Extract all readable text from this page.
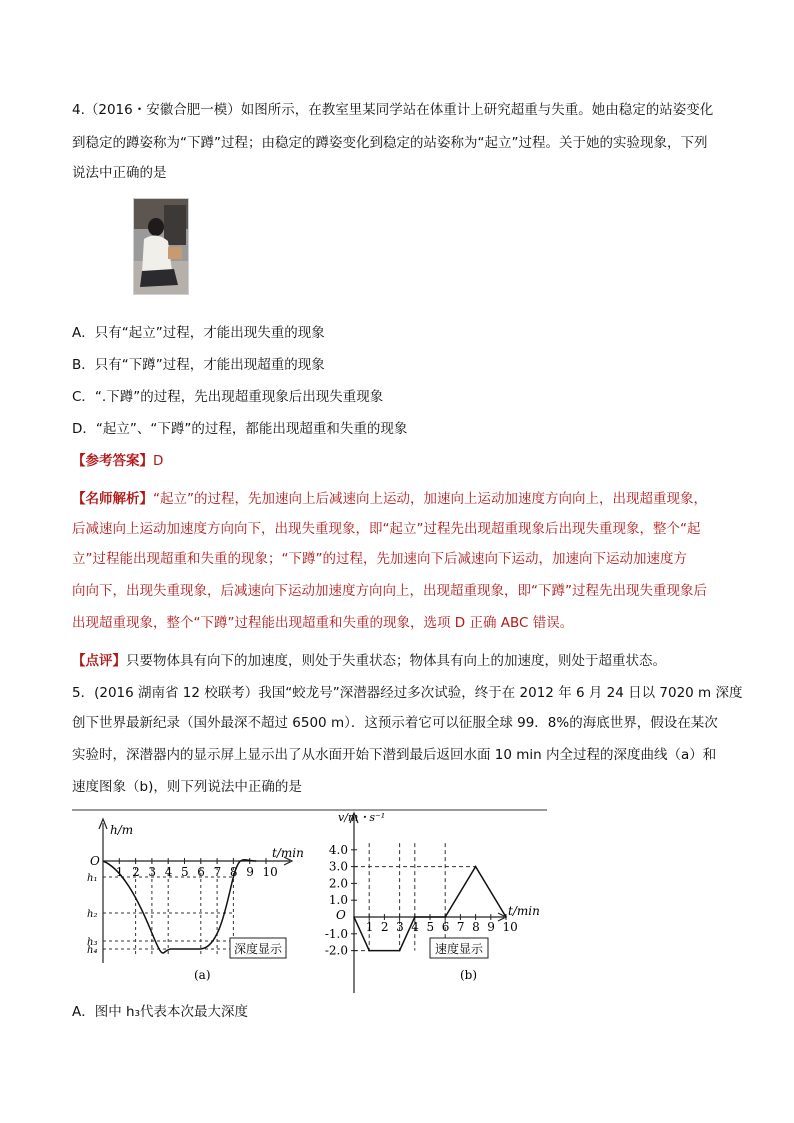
4.（2016・安徽合肥一模）如图所示，在教室里某同学站在体重计上研究超重与失重。她由稳定的站姿变化
到稳定的蹲姿称为“下蹲”过程；由稳定的蹲姿变化到稳定的站姿称为“起立”过程。关于她的实验现象，下列
说法中正确的是
A．只有“起立”过程，才能出现失重的现象
B．只有“下蹲”过程，才能出现超重的现象
C．“.下蹲”的过程，先出现超重现象后出现失重现象
D．“起立”、“下蹲”的过程，都能出现超重和失重的现象
【参考答案】D
【名师解析】“起立”的过程，先加速向上后减速向上运动，加速向上运动加速度方向向上，出现超重现象，
后减速向上运动加速度方向向下，出现失重现象，即“起立”过程先出现超重现象后出现失重现象，整个“起
立”过程能出现超重和失重的现象；“下蹲”的过程，先加速向下后减速向下运动，加速向下运动加速度方
向向下，出现失重现象，后减速向下运动加速度方向向上，出现超重现象，即“下蹲”过程先出现失重现象后
出现超重现象，整个“下蹲”过程能出现超重和失重的现象，选项 D 正确 ABC 错误。
【点评】只要物体具有向下的加速度，则处于失重状态；物体具有向上的加速度，则处于超重状态。
5．(2016 湖南省 12 校联考）我国“蛟龙号”深潜器经过多次试验，终于在 2012 年 6 月 24 日以 7020 m 深度
创下世界最新纪录（国外最深不超过 6500 m）．这预示着它可以征服全球 99．8%的海底世界，假设在某次
实验时，深潜器内的显示屏上显示出了从水面开始下潜到最后返回水面 10 min 内全过程的深度曲线（a）和
速度图象（b)，则下列说法中正确的是
h/m
t/min
O
1 2 3 4 5 6 7 8 9 10
h₁
h₂
h₃
h₄	深度显示
(a)
v/m・s⁻¹
t/min
O
1 2 3 4 5 6 7 8 9 10
4.0
3.0
2.0
1.0
-1.0
-2.0	速度显示
(b)
A．图中 h₃代表本次最大深度
